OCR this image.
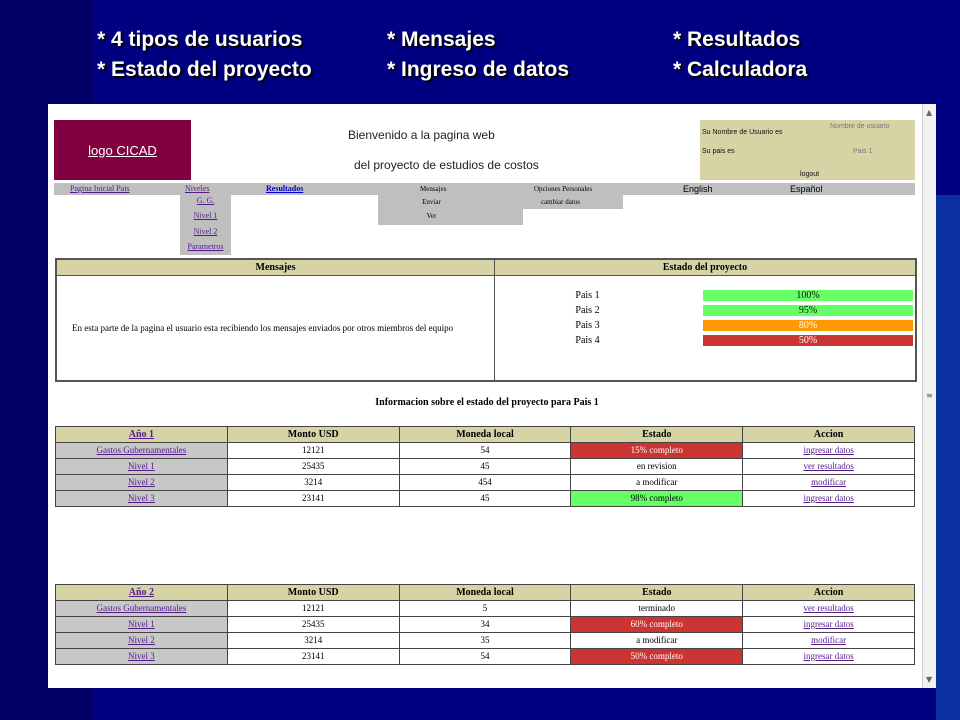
* 4 tipos de usuarios	* Mensajes	* Resultados
* Estado del proyecto	* Ingreso de datos	* Calculadora
▲
≡
▼
logo CICAD
Bienvenido a la pagina web
del proyecto de estudios de costos
Nombre de usuario
Su Nombre de Usuario es
Su pais es	Pais 1
logout
Pagina Inicial Pais	Niveles	Resultados	Mensajes	Opciones Personales	English	Español
G. G.
Nivel 1
Nivel 2
Parametros
Enviar
Ver
cambiar datos
Mensajes	Estado del proyecto
En esta parte de la pagina el usuario esta recibiendo los mensajes enviados por otros miembros del equipo
Pais 1	100%
Pais 2	95%
Pais 3	80%
Pais 4	50%
Informacion sobre el estado del proyecto para Pais 1
Año 1	Monto USD	Moneda local	Estado	Accion
Gastos Gubernamentales	12121	54	15% completo	ingresar datos
Nivel 1	25435	45	en revision	ver resultados
Nivel 2	3214	454	a modificar	modificar
Nivel 3	23141	45	98% completo	ingresar datos
Año 2	Monto USD	Moneda local	Estado	Accion
Gastos Gubernamentales	12121	5	terminado	ver resultados
Nivel 1	25435	34	60% completo	ingresar datos
Nivel 2	3214	35	a modificar	modificar
Nivel 3	23141	54	50% completo	ingresar datos
